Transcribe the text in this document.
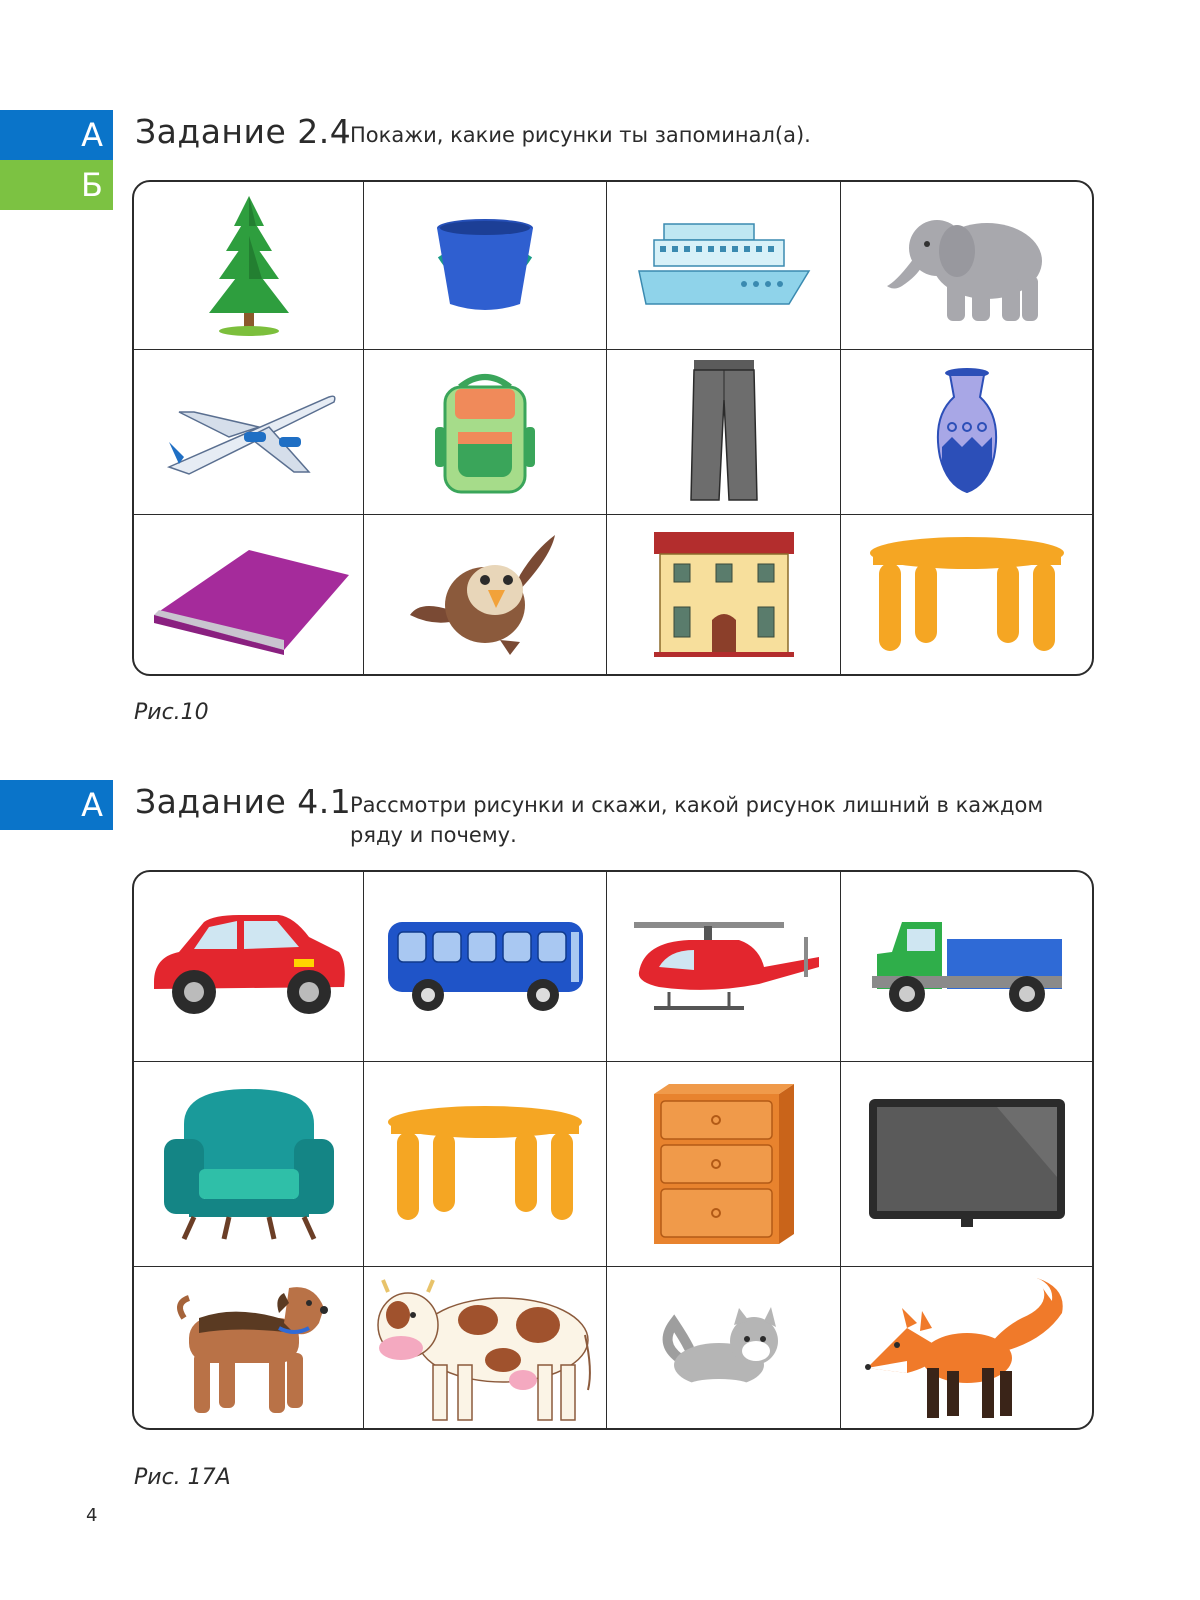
А
Б
Задание 2.4
Покажи, какие рисунки ты запоминал(а).
Рис.10
А Задание 4.1
Рассмотри рисунки и скажи, какой рисунок лишний в каждом ряду и почему.
Рис. 17А
4
